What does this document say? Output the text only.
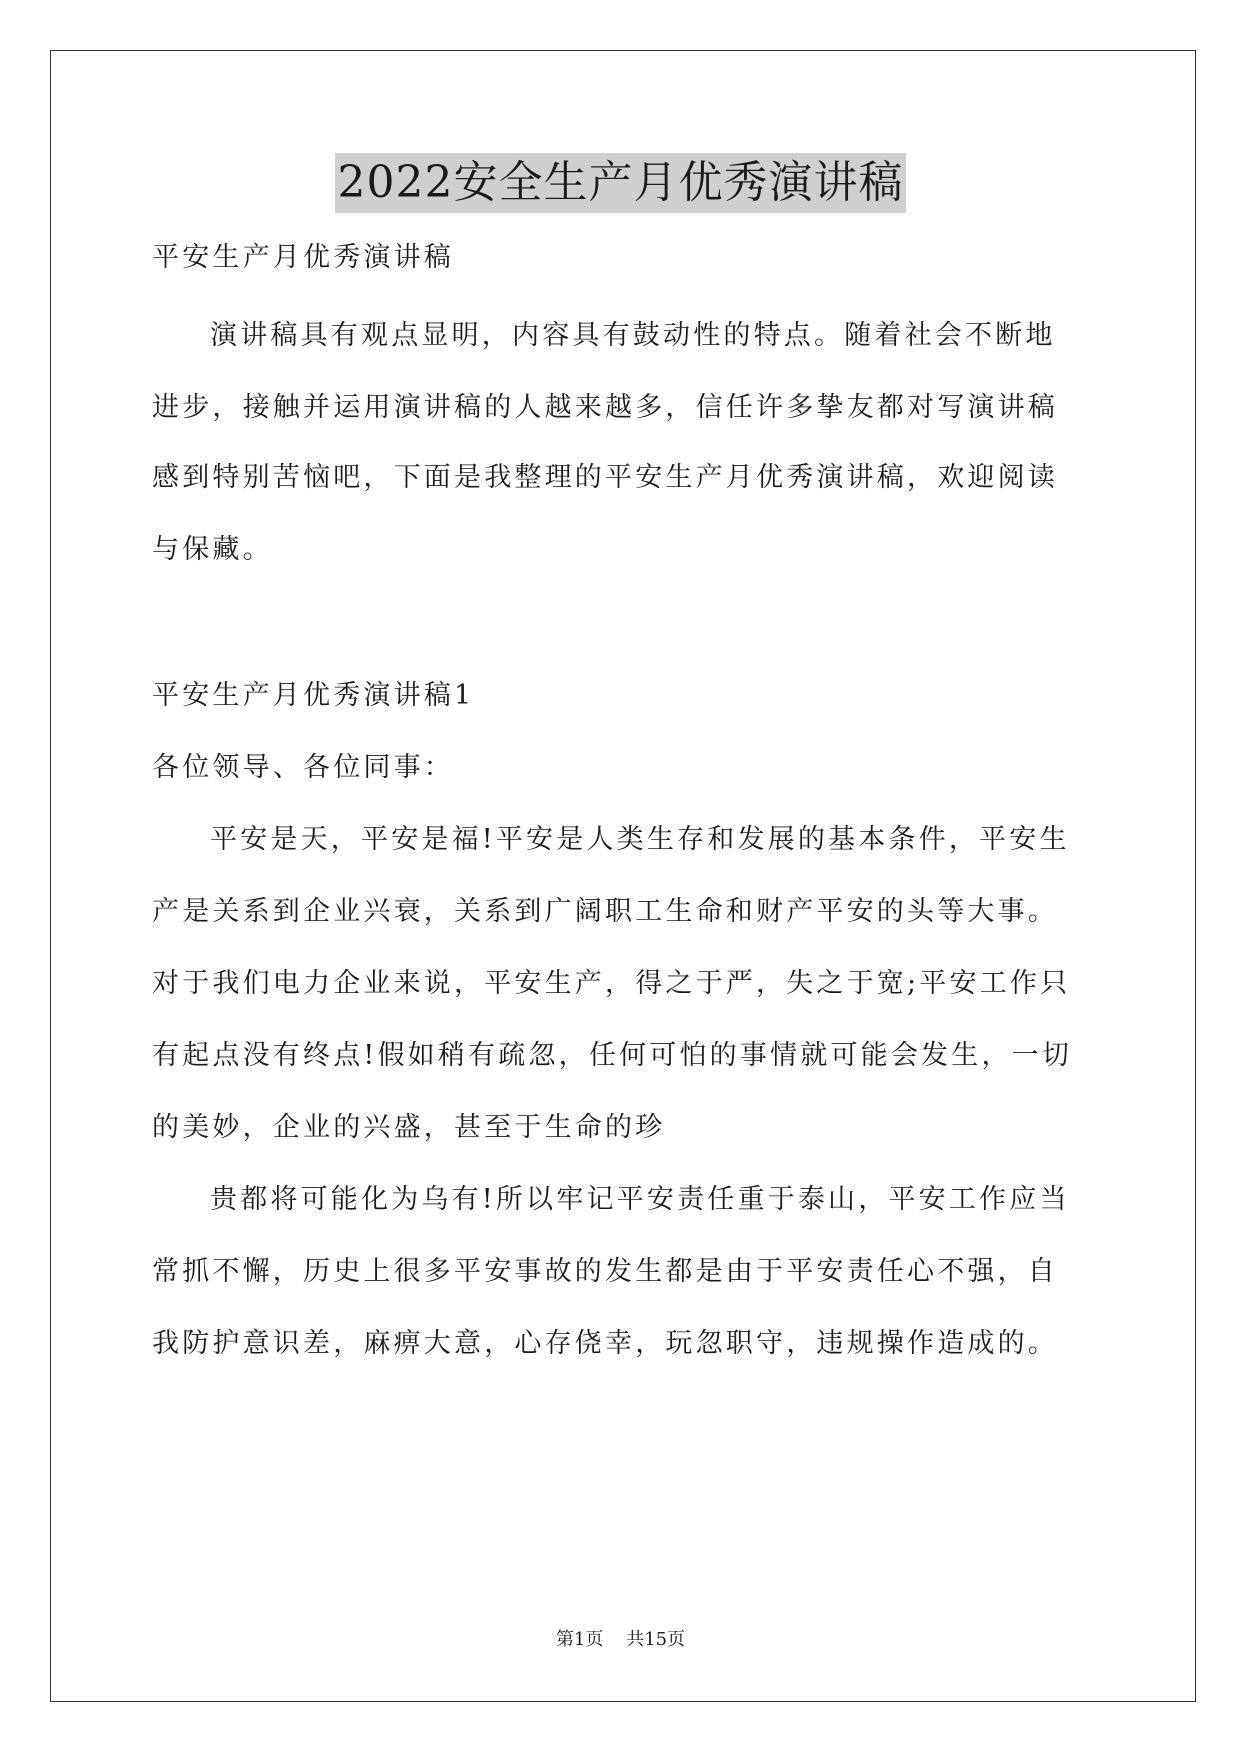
2022安全生产月优秀演讲稿
平安生产月优秀演讲稿
演讲稿具有观点显明，内容具有鼓动性的特点。随着社会不断地
进步，接触并运用演讲稿的人越来越多，信任许多挚友都对写演讲稿
感到特别苦恼吧，下面是我整理的平安生产月优秀演讲稿，欢迎阅读
与保藏。
平安生产月优秀演讲稿1
各位领导、各位同事：
平安是天，平安是福!平安是人类生存和发展的基本条件，平安生
产是关系到企业兴衰，关系到广阔职工生命和财产平安的头等大事。
对于我们电力企业来说，平安生产，得之于严，失之于宽;平安工作只
有起点没有终点!假如稍有疏忽，任何可怕的事情就可能会发生，一切
的美妙，企业的兴盛，甚至于生命的珍
贵都将可能化为乌有!所以牢记平安责任重于泰山，平安工作应当
常抓不懈，历史上很多平安事故的发生都是由于平安责任心不强，自
我防护意识差，麻痹大意，心存侥幸，玩忽职守，违规操作造成的。
第1页 共15页
